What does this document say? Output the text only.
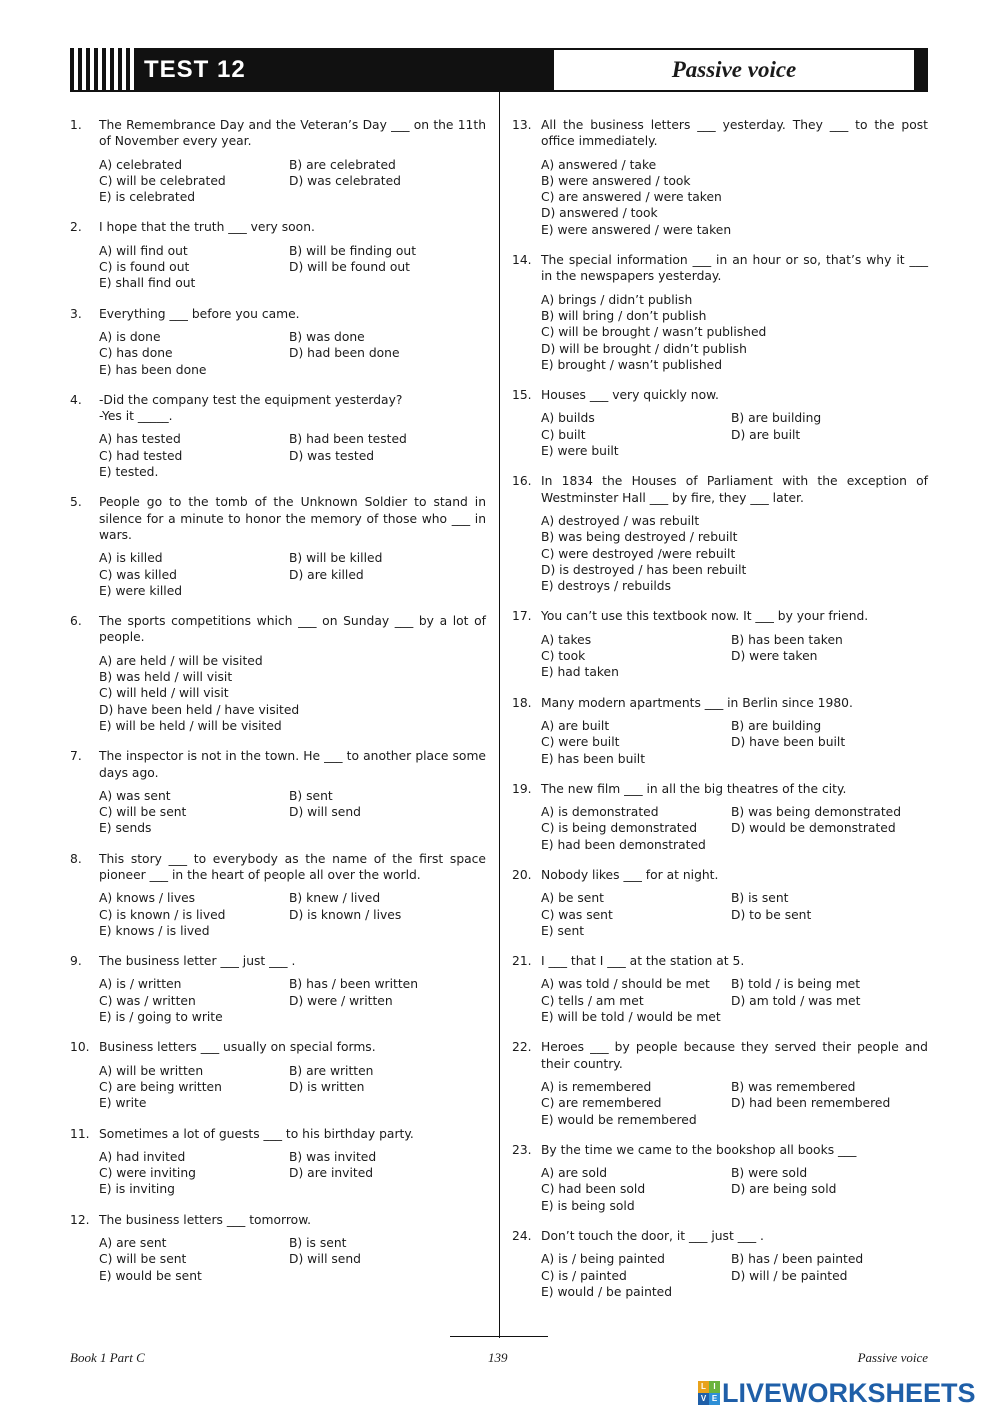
TEST 12	Passive voice
1.	The Remembrance Day and the Veteran’s Day ___ on the 11th of November every year.
A) celebrated	B) are celebrated
C) will be celebrated	D) was celebrated
E) is celebrated
2.	I hope that the truth ___ very soon.
A) will find out	B) will be finding out
C) is found out	D) will be found out
E) shall find out
3.	Everything ___ before you came.
A) is done	B) was done
C) has done	D) had been done
E) has been done
4.	-Did the company test the equipment yesterday?
-Yes it _____.
A) has tested	B) had been tested
C) had tested	D) was tested
E) tested.
5.	People go to the tomb of the Unknown Soldier to stand in silence for a minute to honor the memory of those who ___ in wars.
A) is killed	B) will be killed
C) was killed	D) are killed
E) were killed
6.	The sports competitions which ___ on Sunday ___ by a lot of people.
A) are held / will be visited
B) was held / will visit
C) will held / will visit
D) have been held / have visited
E) will be held / will be visited
7.	The inspector is not in the town. He ___ to another place some days ago.
A) was sent	B) sent
C) will be sent	D) will send
E) sends
8.	This story ___ to everybody as the name of the first space pioneer ___ in the heart of people all over the world.
A) knows / lives	B) knew / lived
C) is known / is lived	D) is known / lives
E) knows / is lived
9.	The business letter ___ just ___ .
A) is / written	B) has / been written
C) was / written	D) were / written
E) is / going to write
10. Business letters ___ usually on special forms.
A) will be written	B) are written
C) are being written	D) is written
E) write
11. Sometimes a lot of guests ___ to his birthday party.
A) had invited	B) was invited
C) were inviting	D) are invited
E) is inviting
12. The business letters ___ tomorrow.
A) are sent	B) is sent
C) will be sent	D) will send
E) would be sent
13. All the business letters ___ yesterday. They ___ to the post office immediately.
A) answered / take
B) were answered / took
C) are answered / were taken
D) answered / took
E) were answered / were taken
14. The special information ___ in an hour or so, that’s why it ___ in the newspapers yesterday.
A) brings / didn’t publish
B) will bring / don’t publish
C) will be brought / wasn’t published
D) will be brought / didn’t publish
E) brought / wasn’t published
15. Houses ___ very quickly now.
A) builds	B) are building
C) built	D) are built
E) were built
16. In 1834 the Houses of Parliament with the exception of Westminster Hall ___ by fire, they ___ later.
A) destroyed / was rebuilt
B) was being destroyed / rebuilt
C) were destroyed /were rebuilt
D) is destroyed / has been rebuilt
E) destroys / rebuilds
17. You can’t use this textbook now. It ___ by your friend.
A) takes	B) has been taken
C) took	D) were taken
E) had taken
18. Many modern apartments ___ in Berlin since 1980.
A) are built	B) are building
C) were built	D) have been built
E) has been built
19. The new film ___ in all the big theatres of the city.
A) is demonstrated	B) was being demonstrated
C) is being demonstrated	D) would be demonstrated
E) had been demonstrated
20. Nobody likes ___ for at night.
A) be sent	B) is sent
C) was sent	D) to be sent
E) sent
21. I ___ that I ___ at the station at 5.
A) was told / should be met	B) told / is being met
C) tells / am met	D) am told / was met
E) will be told / would be met
22. Heroes ___ by people because they served their people and their country.
A) is remembered	B) was remembered
C) are remembered	D) had been remembered
E) would be remembered
23. By the time we came to the bookshop all books ___
A) are sold	B) were sold
C) had been sold	D) are being sold
E) is being sold
24. Don’t touch the door, it ___ just ___ .
A) is / being painted	B) has / been painted
C) is / painted	D) will / be painted
E) would / be painted
Book 1 Part C	139	Passive voice
L I
V E LIVEWORKSHEETS
